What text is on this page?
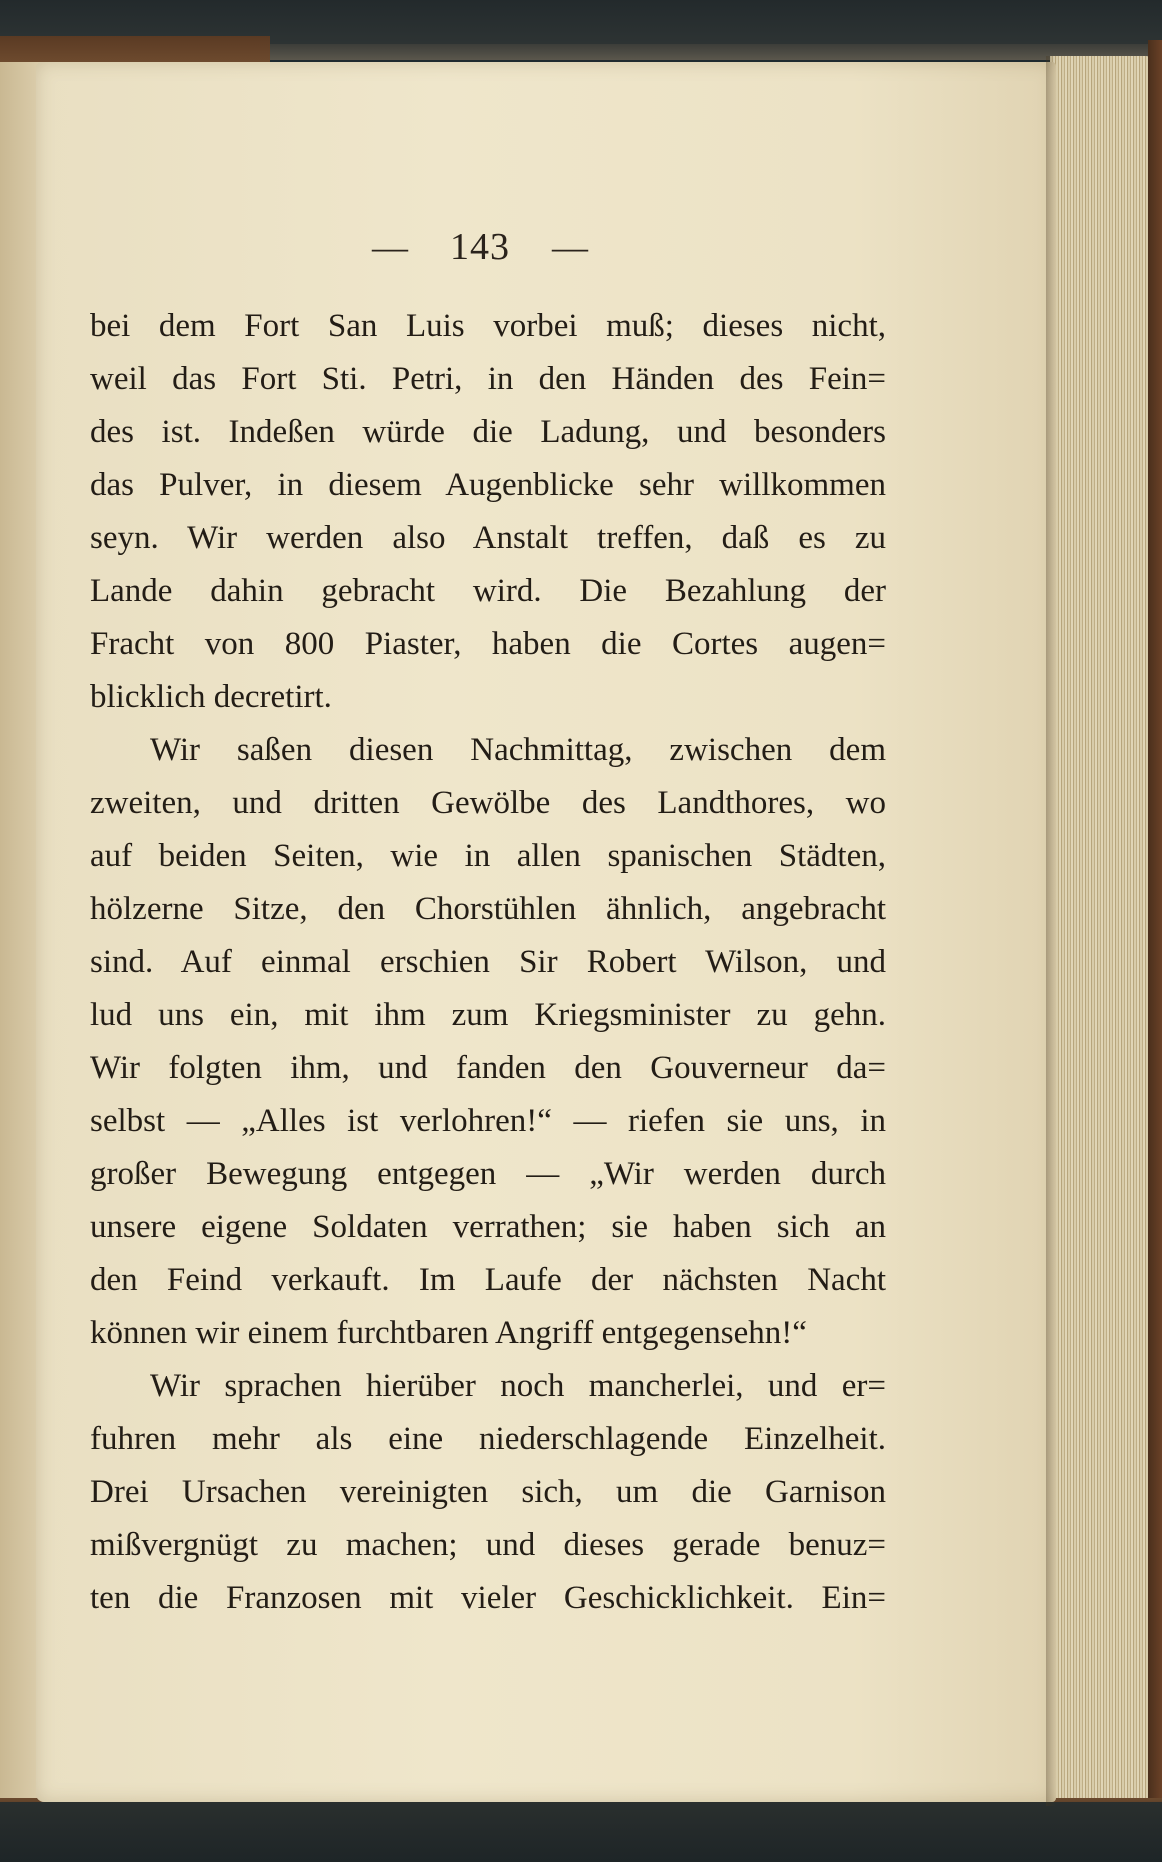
— 143 —
bei dem Fort San Luis vorbei muß; dieses nicht,
weil das Fort Sti. Petri, in den Händen des Fein=
des ist. Indeßen würde die Ladung, und besonders
das Pulver, in diesem Augenblicke sehr willkommen
seyn. Wir werden also Anstalt treffen, daß es zu
Lande dahin gebracht wird. Die Bezahlung der
Fracht von 800 Piaster, haben die Cortes augen=
blicklich decretirt.
Wir saßen diesen Nachmittag, zwischen dem
zweiten, und dritten Gewölbe des Landthores, wo
auf beiden Seiten, wie in allen spanischen Städten,
hölzerne Sitze, den Chorstühlen ähnlich, angebracht
sind. Auf einmal erschien Sir Robert Wilson, und
lud uns ein, mit ihm zum Kriegsminister zu gehn.
Wir folgten ihm, und fanden den Gouverneur da=
selbst — „Alles ist verlohren!“ — riefen sie uns, in
großer Bewegung entgegen — „Wir werden durch
unsere eigene Soldaten verrathen; sie haben sich an
den Feind verkauft. Im Laufe der nächsten Nacht
können wir einem furchtbaren Angriff entgegensehn!“
Wir sprachen hierüber noch mancherlei, und er=
fuhren mehr als eine niederschlagende Einzelheit.
Drei Ursachen vereinigten sich, um die Garnison
mißvergnügt zu machen; und dieses gerade benuz=
ten die Franzosen mit vieler Geschicklichkeit. Ein=
